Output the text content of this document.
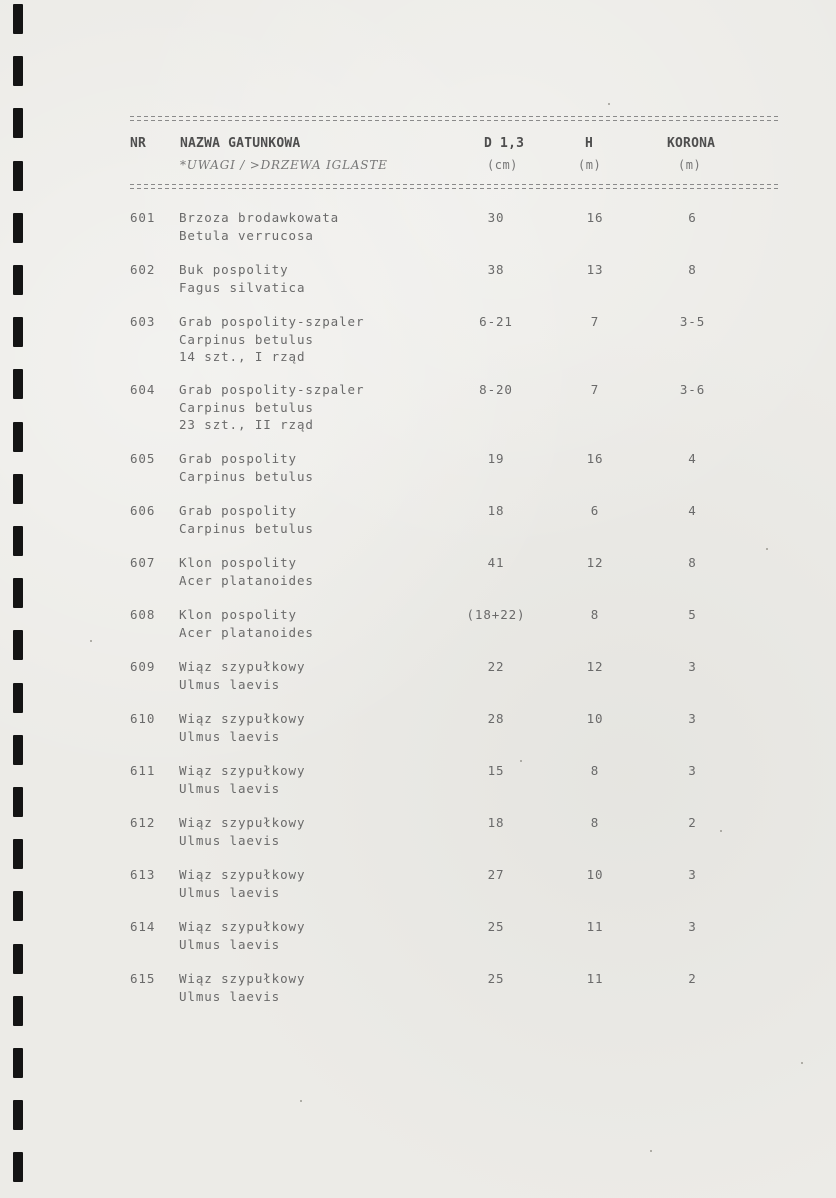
NR	NAZWA GATUNKOWA	D 1,3	H	KORONA
*UWAGI / >DRZEWA IGLASTE	(cm)	(m)	(m)
601 Brzoza brodawkowata
Betula verrucosa
30	16	6
602 Buk pospolity
Fagus silvatica
38	13	8
603 Grab pospolity-szpaler
Carpinus betulus
14 szt., I rząd
6-21	7	3-5
604 Grab pospolity-szpaler
Carpinus betulus
23 szt., II rząd
8-20	7	3-6
605 Grab pospolity
Carpinus betulus
19	16	4
606 Grab pospolity
Carpinus betulus
18	6	4
607 Klon pospolity
Acer platanoides
41	12	8
608 Klon pospolity
Acer platanoides
(18+22)	8	5
609 Wiąz szypułkowy
Ulmus laevis
22	12	3
610 Wiąz szypułkowy
Ulmus laevis
28	10	3
611 Wiąz szypułkowy
Ulmus laevis
15	8	3
612 Wiąz szypułkowy
Ulmus laevis
18	8	2
613 Wiąz szypułkowy
Ulmus laevis
27	10	3
614 Wiąz szypułkowy
Ulmus laevis
25	11	3
615 Wiąz szypułkowy
Ulmus laevis
25	11	2
